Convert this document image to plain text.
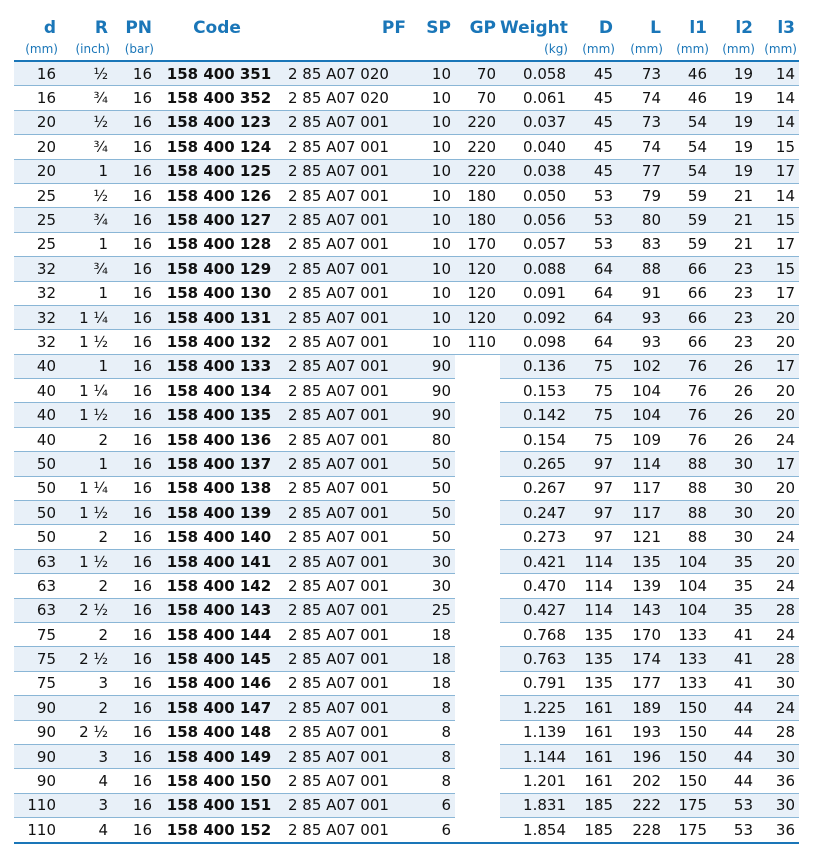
d	R	PN	Code	PF	SP	GP	Weight	D	L	l1	l2	l3
(mm)	(inch)	(bar)					(kg)	(mm)	(mm)	(mm)	(mm)	(mm)
16	½	16	158 400 351	2 85 A07 020	10	70	0.058	45	73	46	19	14
16	¾	16	158 400 352	2 85 A07 020	10	70	0.061	45	74	46	19	14
20	½	16	158 400 123	2 85 A07 001	10	220	0.037	45	73	54	19	14
20	¾	16	158 400 124	2 85 A07 001	10	220	0.040	45	74	54	19	15
20	1	16	158 400 125	2 85 A07 001	10	220	0.038	45	77	54	19	17
25	½	16	158 400 126	2 85 A07 001	10	180	0.050	53	79	59	21	14
25	¾	16	158 400 127	2 85 A07 001	10	180	0.056	53	80	59	21	15
25	1	16	158 400 128	2 85 A07 001	10	170	0.057	53	83	59	21	17
32	¾	16	158 400 129	2 85 A07 001	10	120	0.088	64	88	66	23	15
32	1	16	158 400 130	2 85 A07 001	10	120	0.091	64	91	66	23	17
32	1 ¼	16	158 400 131	2 85 A07 001	10	120	0.092	64	93	66	23	20
32	1 ½	16	158 400 132	2 85 A07 001	10	110	0.098	64	93	66	23	20
40	1	16	158 400 133	2 85 A07 001	90		0.136	75	102	76	26	17
40	1 ¼	16	158 400 134	2 85 A07 001	90		0.153	75	104	76	26	20
40	1 ½	16	158 400 135	2 85 A07 001	90		0.142	75	104	76	26	20
40	2	16	158 400 136	2 85 A07 001	80		0.154	75	109	76	26	24
50	1	16	158 400 137	2 85 A07 001	50		0.265	97	114	88	30	17
50	1 ¼	16	158 400 138	2 85 A07 001	50		0.267	97	117	88	30	20
50	1 ½	16	158 400 139	2 85 A07 001	50		0.247	97	117	88	30	20
50	2	16	158 400 140	2 85 A07 001	50		0.273	97	121	88	30	24
63	1 ½	16	158 400 141	2 85 A07 001	30		0.421	114	135	104	35	20
63	2	16	158 400 142	2 85 A07 001	30		0.470	114	139	104	35	24
63	2 ½	16	158 400 143	2 85 A07 001	25		0.427	114	143	104	35	28
75	2	16	158 400 144	2 85 A07 001	18		0.768	135	170	133	41	24
75	2 ½	16	158 400 145	2 85 A07 001	18		0.763	135	174	133	41	28
75	3	16	158 400 146	2 85 A07 001	18		0.791	135	177	133	41	30
90	2	16	158 400 147	2 85 A07 001	8		1.225	161	189	150	44	24
90	2 ½	16	158 400 148	2 85 A07 001	8		1.139	161	193	150	44	28
90	3	16	158 400 149	2 85 A07 001	8		1.144	161	196	150	44	30
90	4	16	158 400 150	2 85 A07 001	8		1.201	161	202	150	44	36
110	3	16	158 400 151	2 85 A07 001	6		1.831	185	222	175	53	30
110	4	16	158 400 152	2 85 A07 001	6		1.854	185	228	175	53	36
